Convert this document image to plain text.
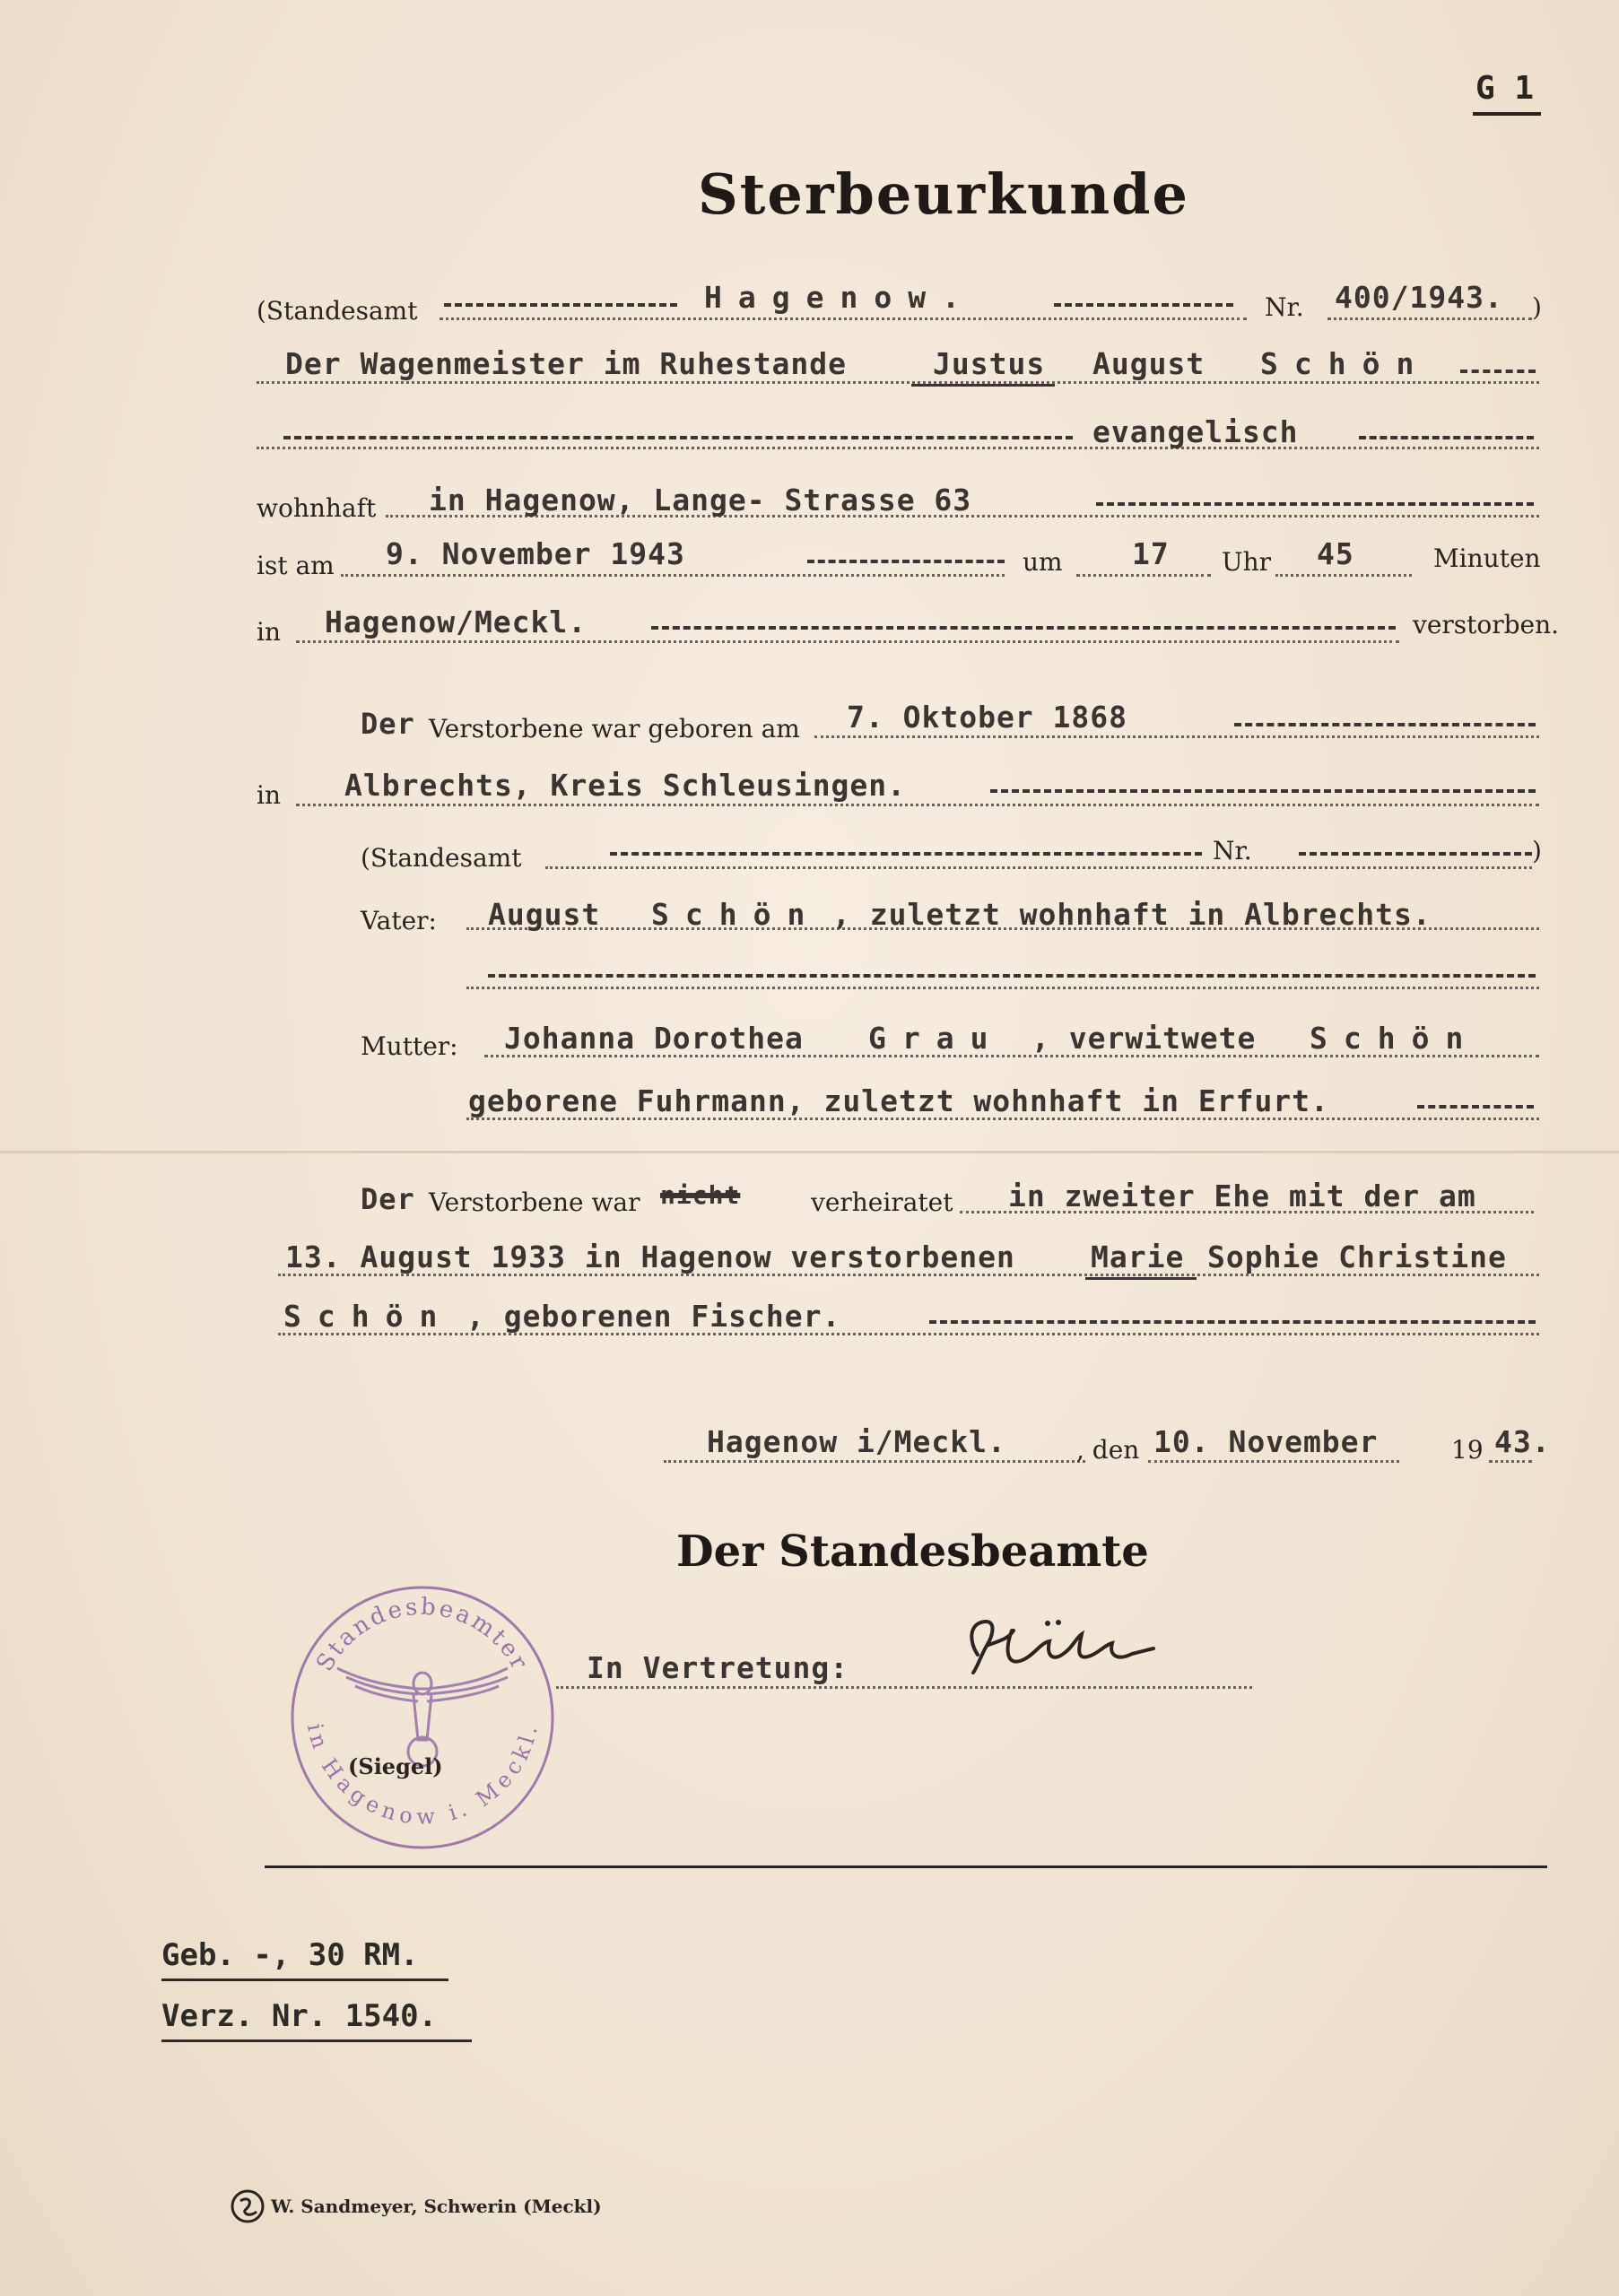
G 1
Sterbeurkunde
(Standesamt	Hagenow.	Nr. 400/1943. )
Der Wagenmeister im Ruhestande	Justus August Schön
evangelisch
wohnhaft in Hagenow, Lange- Strasse 63
ist am 9. November 1943	um 17 Uhr 45	Minuten
in Hagenow/Meckl.	verstorben.
Der Verstorbene war geboren am 7. Oktober 1868
in Albrechts, Kreis Schleusingen.
(Standesamt	Nr.	)
Vater: August Schön , zuletzt wohnhaft in Albrechts.
Mutter: Johanna Dorothea Grau , verwitwete Schön
geborene Fuhrmann, zuletzt wohnhaft in Erfurt.
Der Verstorbene war nicht	verheiratet in zweiter Ehe mit der am
13. August 1933 in Hagenow verstorbenen	Marie Sophie Christine
Schön , geborenen Fischer.
Hagenow i/Meckl.	, den 10. November	19 43.
Der Standesbeamte
In Vertretung:
Standesbeamter
in Hagenow i. Meckl.
(Siegel)
Geb. -, 30 RM.
Verz. Nr. 1540.
W. Sandmeyer, Schwerin (Meckl)
